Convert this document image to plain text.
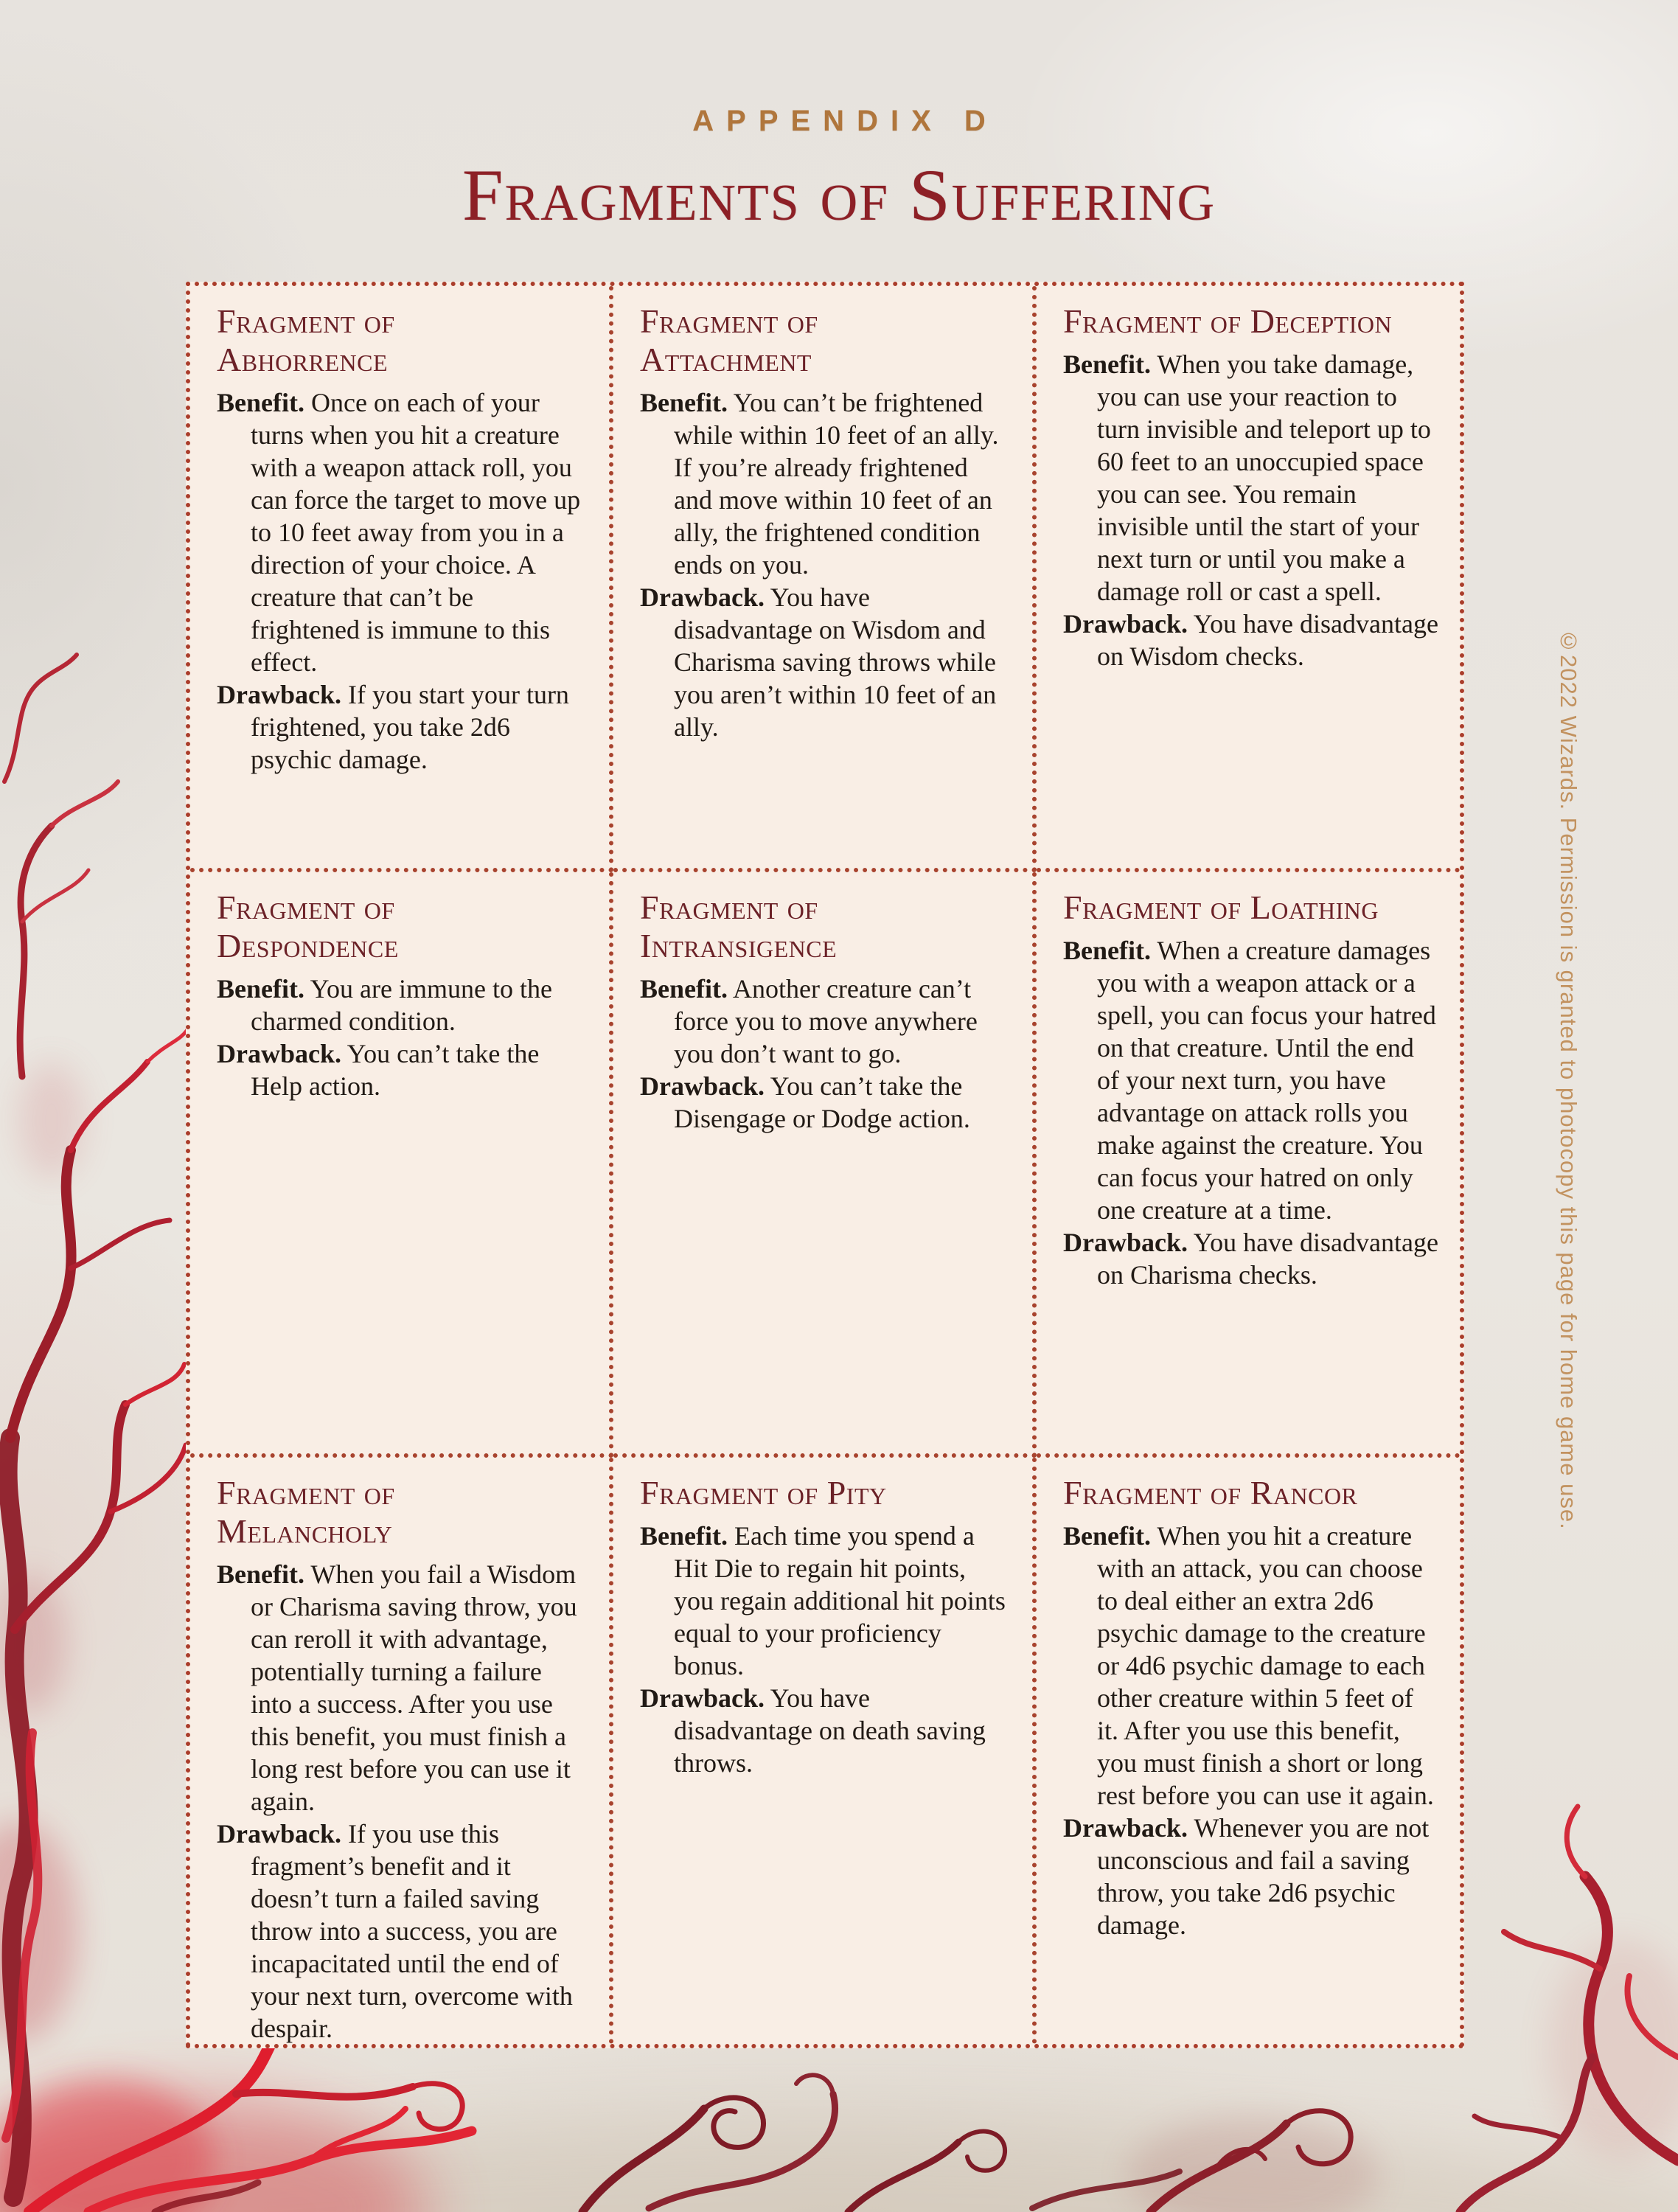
APPENDIX D
Fragments of Suffering
Fragment of
Abhorrence

Benefit. Once on each of your turns when you hit a creature with a weapon attack roll, you can force the target to move up to 10 feet away from you in a direction of your choice. A creature that can’t be frightened is immune to this effect.

Drawback. If you start your turn frightened, you take 2d6 psychic damage.

Fragment of
Attachment

Benefit. You can’t be frightened while within 10 feet of an ally. If you’re already frightened and move within 10 feet of an ally, the frightened condition ends on you.

Drawback. You have disadvantage on Wisdom and Charisma saving throws while you aren’t within 10 feet of an ally.

Fragment of Deception

Benefit. When you take damage, you can use your reaction to turn invisible and teleport up to 60 feet to an unoccupied space you can see. You remain invisible until the start of your next turn or until you make a damage roll or cast a spell.

Drawback. You have disadvantage on Wisdom checks.

Fragment of
Despondence

Benefit. You are immune to the charmed condition.

Drawback. You can’t take the Help action.

Fragment of
Intransigence

Benefit. Another creature can’t force you to move anywhere you don’t want to go.

Drawback. You can’t take the Disengage or Dodge action.

Fragment of Loathing

Benefit. When a creature damages you with a weapon attack or a spell, you can focus your hatred on that creature. Until the end of your next turn, you have advantage on attack rolls you make against the creature. You can focus your hatred on only one creature at a time.

Drawback. You have disadvantage on Charisma checks.

Fragment of
Melancholy

Benefit. When you fail a Wisdom or Charisma saving throw, you can reroll it with advantage, potentially turning a failure into a success. After you use this benefit, you must finish a long rest before you can use it again.

Drawback. If you use this fragment’s benefit and it doesn’t turn a failed saving throw into a success, you are incapacitated until the end of your next turn, overcome with despair.

Fragment of Pity

Benefit. Each time you spend a Hit Die to regain hit points, you regain additional hit points equal to your proficiency bonus.

Drawback. You have disadvantage on death saving throws.

Fragment of Rancor

Benefit. When you hit a creature with an attack, you can choose to deal either an extra 2d6 psychic damage to the creature or 4d6 psychic damage to each other creature within 5 feet of it. After you use this benefit, you must finish a short or long rest before you can use it again.

Drawback. Whenever you are not unconscious and fail a saving throw, you take 2d6 psychic damage.

©2022 Wizards. Permission is granted to photocopy this page for home game use.
